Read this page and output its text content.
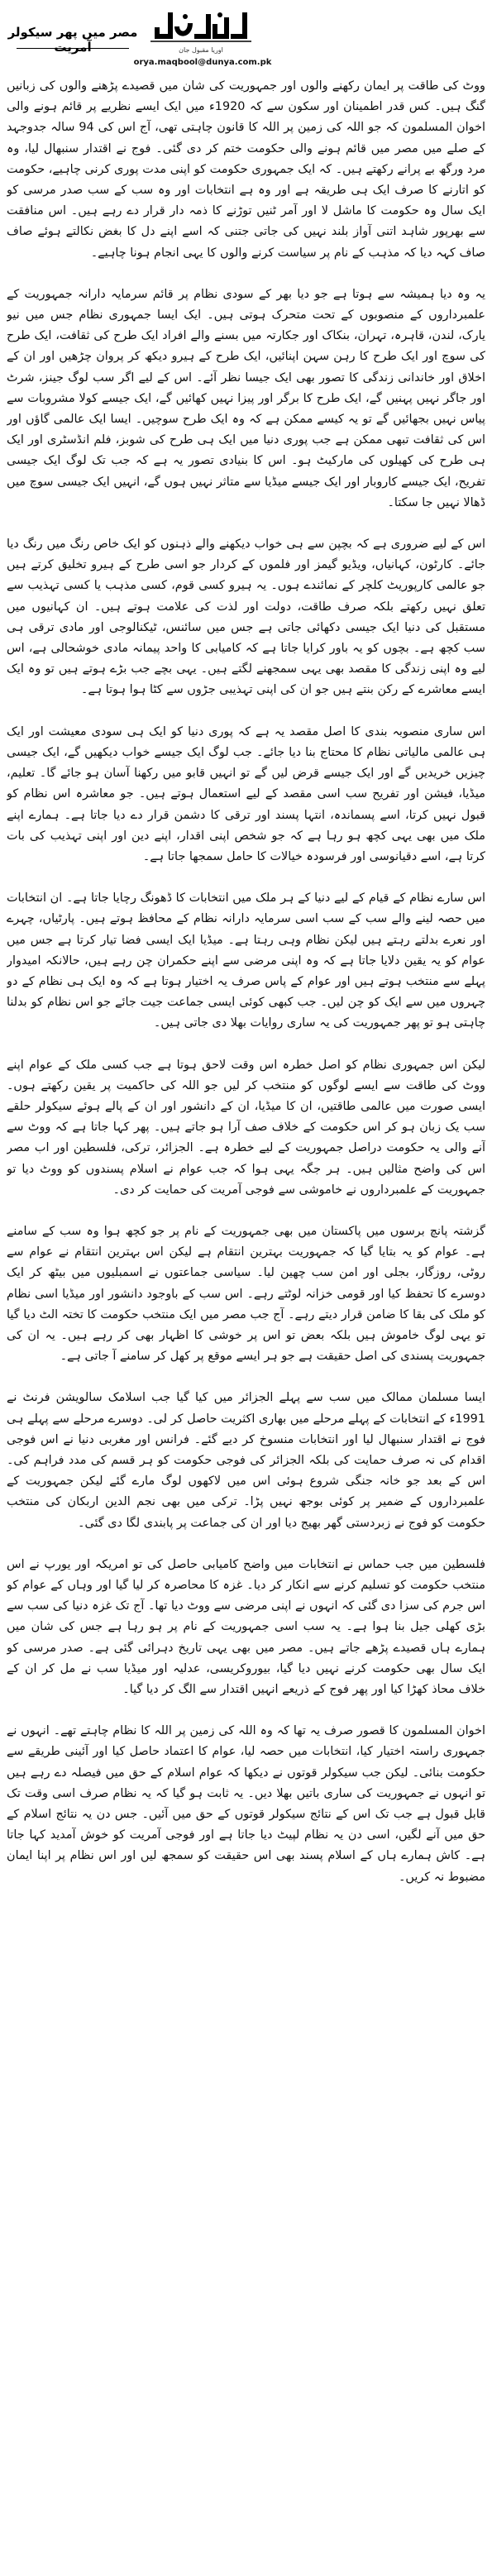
اوریا مقبول جان
orya.maqbool@dunya.com.pk
مصر میں پھر سیکولر آمریت

ووٹ کی طاقت پر ایمان رکھنے والوں اور جمہوریت کی شان میں قصیدے پڑھنے والوں کی زبانیں گنگ ہیں۔ کس قدر اطمینان اور سکون سے کہ 1920ء میں ایک ایسے نظریے پر قائم ہونے والی اخوان المسلمون کہ جو اللہ کی زمین پر اللہ کا قانون چاہتی تھی، آج اس کی 94 سالہ جدوجہد کے صلے میں مصر میں قائم ہونے والی حکومت ختم کر دی گئی۔ فوج نے اقتدار سنبھال لیا، وہ مرد ورگھ بے پرانے رکھتے ہیں۔ کہ ایک جمہوری حکومت کو اپنی مدت پوری کرنی چاہیے، حکومت کو اتارنے کا صرف ایک ہی طریقہ ہے اور وہ ہے انتخابات اور وہ سب کے سب صدر مرسی کو ایک سال وہ حکومت کا ماشل لا اور آمر ٹنیں توڑنے کا ذمہ دار قرار دے رہے ہیں۔ اس منافقت سے بھرپور شاہد اتنی آواز بلند نہیں کی جاتی جتنی کہ اسے اپنے دل کا بغض نکالتے ہوئے صاف صاف کہہ دیا کہ مذہب کے نام پر سیاست کرنے والوں کا یہی انجام ہونا چاہیے۔

یہ وہ دیا ہمیشہ سے ہوتا ہے جو دیا بھر کے سودی نظام پر قائم سرمایہ دارانہ جمہوریت کے علمبرداروں کے منصوبوں کے تحت متحرک ہوتی ہیں۔ ایک ایسا جمہوری نظام جس میں نیو یارک، لندن، قاہرہ، تہران، بنکاک اور جکارتہ میں بسنے والے افراد ایک طرح کی ثقافت، ایک طرح کی سوچ اور ایک طرح کا رہن سہن اپنائیں، ایک طرح کے ہیرو دیکھ کر پروان چڑھیں اور ان کے اخلاق اور خاندانی زندگی کا تصور بھی ایک جیسا نظر آئے۔ اس کے لیے اگر سب لوگ جینز، شرٹ اور جاگر نہیں پہنیں گے، ایک طرح کا برگر اور پیزا نہیں کھائیں گے، ایک جیسے کولا مشروبات سے پیاس نہیں بجھائیں گے تو یہ کیسے ممکن ہے کہ وہ ایک طرح سوچیں۔ ایسا ایک عالمی گاؤں اور اس کی ثقافت تبھی ممکن ہے جب پوری دنیا میں ایک ہی طرح کی شوبز، فلم انڈسٹری اور ایک ہی طرح کی کھیلوں کی مارکیٹ ہو۔ اس کا بنیادی تصور یہ ہے کہ جب تک لوگ ایک جیسی تفریح، ایک جیسے کاروبار اور ایک جیسے میڈیا سے متاثر نہیں ہوں گے، انہیں ایک جیسی سوچ میں ڈھالا نہیں جا سکتا۔

اس کے لیے ضروری ہے کہ بچپن سے ہی خواب دیکھنے والے ذہنوں کو ایک خاص رنگ میں رنگ دیا جائے۔ کارٹون، کہانیاں، ویڈیو گیمز اور فلموں کے کردار جو اسی طرح کے ہیرو تخلیق کرتے ہیں جو عالمی کارپوریٹ کلچر کے نمائندے ہوں۔ یہ ہیرو کسی قوم، کسی مذہب یا کسی تہذیب سے تعلق نہیں رکھتے بلکہ صرف طاقت، دولت اور لذت کی علامت ہوتے ہیں۔ ان کہانیوں میں مستقبل کی دنیا ایک جیسی دکھائی جاتی ہے جس میں سائنس، ٹیکنالوجی اور مادی ترقی ہی سب کچھ ہے۔ بچوں کو یہ باور کرایا جاتا ہے کہ کامیابی کا واحد پیمانہ مادی خوشحالی ہے، اس لیے وہ اپنی زندگی کا مقصد بھی یہی سمجھنے لگتے ہیں۔ یہی بچے جب بڑے ہوتے ہیں تو وہ ایک ایسے معاشرے کے رکن بنتے ہیں جو ان کی اپنی تہذیبی جڑوں سے کٹا ہوا ہوتا ہے۔

اس ساری منصوبہ بندی کا اصل مقصد یہ ہے کہ پوری دنیا کو ایک ہی سودی معیشت اور ایک ہی عالمی مالیاتی نظام کا محتاج بنا دیا جائے۔ جب لوگ ایک جیسے خواب دیکھیں گے، ایک جیسی چیزیں خریدیں گے اور ایک جیسے قرض لیں گے تو انہیں قابو میں رکھنا آسان ہو جائے گا۔ تعلیم، میڈیا، فیشن اور تفریح سب اسی مقصد کے لیے استعمال ہوتے ہیں۔ جو معاشرہ اس نظام کو قبول نہیں کرتا، اسے پسماندہ، انتہا پسند اور ترقی کا دشمن قرار دے دیا جاتا ہے۔ ہمارے اپنے ملک میں بھی یہی کچھ ہو رہا ہے کہ جو شخص اپنی اقدار، اپنے دین اور اپنی تہذیب کی بات کرتا ہے، اسے دقیانوسی اور فرسودہ خیالات کا حامل سمجھا جاتا ہے۔

اس سارے نظام کے قیام کے لیے دنیا کے ہر ملک میں انتخابات کا ڈھونگ رچایا جاتا ہے۔ ان انتخابات میں حصہ لینے والے سب کے سب اسی سرمایہ دارانہ نظام کے محافظ ہوتے ہیں۔ پارٹیاں، چہرے اور نعرے بدلتے رہتے ہیں لیکن نظام وہی رہتا ہے۔ میڈیا ایک ایسی فضا تیار کرتا ہے جس میں عوام کو یہ یقین دلایا جاتا ہے کہ وہ اپنی مرضی سے اپنے حکمران چن رہے ہیں، حالانکہ امیدوار پہلے سے منتخب ہوتے ہیں اور عوام کے پاس صرف یہ اختیار ہوتا ہے کہ وہ ایک ہی نظام کے دو چہروں میں سے ایک کو چن لیں۔ جب کبھی کوئی ایسی جماعت جیت جائے جو اس نظام کو بدلنا چاہتی ہو تو پھر جمہوریت کی یہ ساری روایات بھلا دی جاتی ہیں۔

لیکن اس جمہوری نظام کو اصل خطرہ اس وقت لاحق ہوتا ہے جب کسی ملک کے عوام اپنے ووٹ کی طاقت سے ایسے لوگوں کو منتخب کر لیں جو اللہ کی حاکمیت پر یقین رکھتے ہوں۔ ایسی صورت میں عالمی طاقتیں، ان کا میڈیا، ان کے دانشور اور ان کے پالے ہوئے سیکولر حلقے سب یک زبان ہو کر اس حکومت کے خلاف صف آرا ہو جاتے ہیں۔ پھر کہا جاتا ہے کہ ووٹ سے آنے والی یہ حکومت دراصل جمہوریت کے لیے خطرہ ہے۔ الجزائر، ترکی، فلسطین اور اب مصر اس کی واضح مثالیں ہیں۔ ہر جگہ یہی ہوا کہ جب عوام نے اسلام پسندوں کو ووٹ دیا تو جمہوریت کے علمبرداروں نے خاموشی سے فوجی آمریت کی حمایت کر دی۔

گزشتہ پانچ برسوں میں پاکستان میں بھی جمہوریت کے نام پر جو کچھ ہوا وہ سب کے سامنے ہے۔ عوام کو یہ بتایا گیا کہ جمہوریت بہترین انتقام ہے لیکن اس بہترین انتقام نے عوام سے روٹی، روزگار، بجلی اور امن سب چھین لیا۔ سیاسی جماعتوں نے اسمبلیوں میں بیٹھ کر ایک دوسرے کا تحفظ کیا اور قومی خزانہ لوٹتے رہے۔ اس سب کے باوجود دانشور اور میڈیا اسی نظام کو ملک کی بقا کا ضامن قرار دیتے رہے۔ آج جب مصر میں ایک منتخب حکومت کا تختہ الٹ دیا گیا تو یہی لوگ خاموش ہیں بلکہ بعض تو اس پر خوشی کا اظہار بھی کر رہے ہیں۔ یہ ان کی جمہوریت پسندی کی اصل حقیقت ہے جو ہر ایسے موقع پر کھل کر سامنے آ جاتی ہے۔

ایسا مسلمان ممالک میں سب سے پہلے الجزائر میں کیا گیا جب اسلامک سالویشن فرنٹ نے 1991ء کے انتخابات کے پہلے مرحلے میں بھاری اکثریت حاصل کر لی۔ دوسرے مرحلے سے پہلے ہی فوج نے اقتدار سنبھال لیا اور انتخابات منسوخ کر دیے گئے۔ فرانس اور مغربی دنیا نے اس فوجی اقدام کی نہ صرف حمایت کی بلکہ الجزائر کی فوجی حکومت کو ہر قسم کی مدد فراہم کی۔ اس کے بعد جو خانہ جنگی شروع ہوئی اس میں لاکھوں لوگ مارے گئے لیکن جمہوریت کے علمبرداروں کے ضمیر پر کوئی بوجھ نہیں پڑا۔ ترکی میں بھی نجم الدین اربکان کی منتخب حکومت کو فوج نے زبردستی گھر بھیج دیا اور ان کی جماعت پر پابندی لگا دی گئی۔

فلسطین میں جب حماس نے انتخابات میں واضح کامیابی حاصل کی تو امریکہ اور یورپ نے اس منتخب حکومت کو تسلیم کرنے سے انکار کر دیا۔ غزہ کا محاصرہ کر لیا گیا اور وہاں کے عوام کو اس جرم کی سزا دی گئی کہ انہوں نے اپنی مرضی سے ووٹ دیا تھا۔ آج تک غزہ دنیا کی سب سے بڑی کھلی جیل بنا ہوا ہے۔ یہ سب اسی جمہوریت کے نام پر ہو رہا ہے جس کی شان میں ہمارے ہاں قصیدے پڑھے جاتے ہیں۔ مصر میں بھی یہی تاریخ دہرائی گئی ہے۔ صدر مرسی کو ایک سال بھی حکومت کرنے نہیں دیا گیا، بیوروکریسی، عدلیہ اور میڈیا سب نے مل کر ان کے خلاف محاذ کھڑا کیا اور پھر فوج کے ذریعے انہیں اقتدار سے الگ کر دیا گیا۔

اخوان المسلمون کا قصور صرف یہ تھا کہ وہ اللہ کی زمین پر اللہ کا نظام چاہتے تھے۔ انہوں نے جمہوری راستہ اختیار کیا، انتخابات میں حصہ لیا، عوام کا اعتماد حاصل کیا اور آئینی طریقے سے حکومت بنائی۔ لیکن جب سیکولر قوتوں نے دیکھا کہ عوام اسلام کے حق میں فیصلہ دے رہے ہیں تو انہوں نے جمہوریت کی ساری باتیں بھلا دیں۔ یہ ثابت ہو گیا کہ یہ نظام صرف اسی وقت تک قابل قبول ہے جب تک اس کے نتائج سیکولر قوتوں کے حق میں آئیں۔ جس دن یہ نتائج اسلام کے حق میں آنے لگیں، اسی دن یہ نظام لپیٹ دیا جاتا ہے اور فوجی آمریت کو خوش آمدید کہا جاتا ہے۔ کاش ہمارے ہاں کے اسلام پسند بھی اس حقیقت کو سمجھ لیں اور اس نظام پر اپنا ایمان مضبوط نہ کریں۔
